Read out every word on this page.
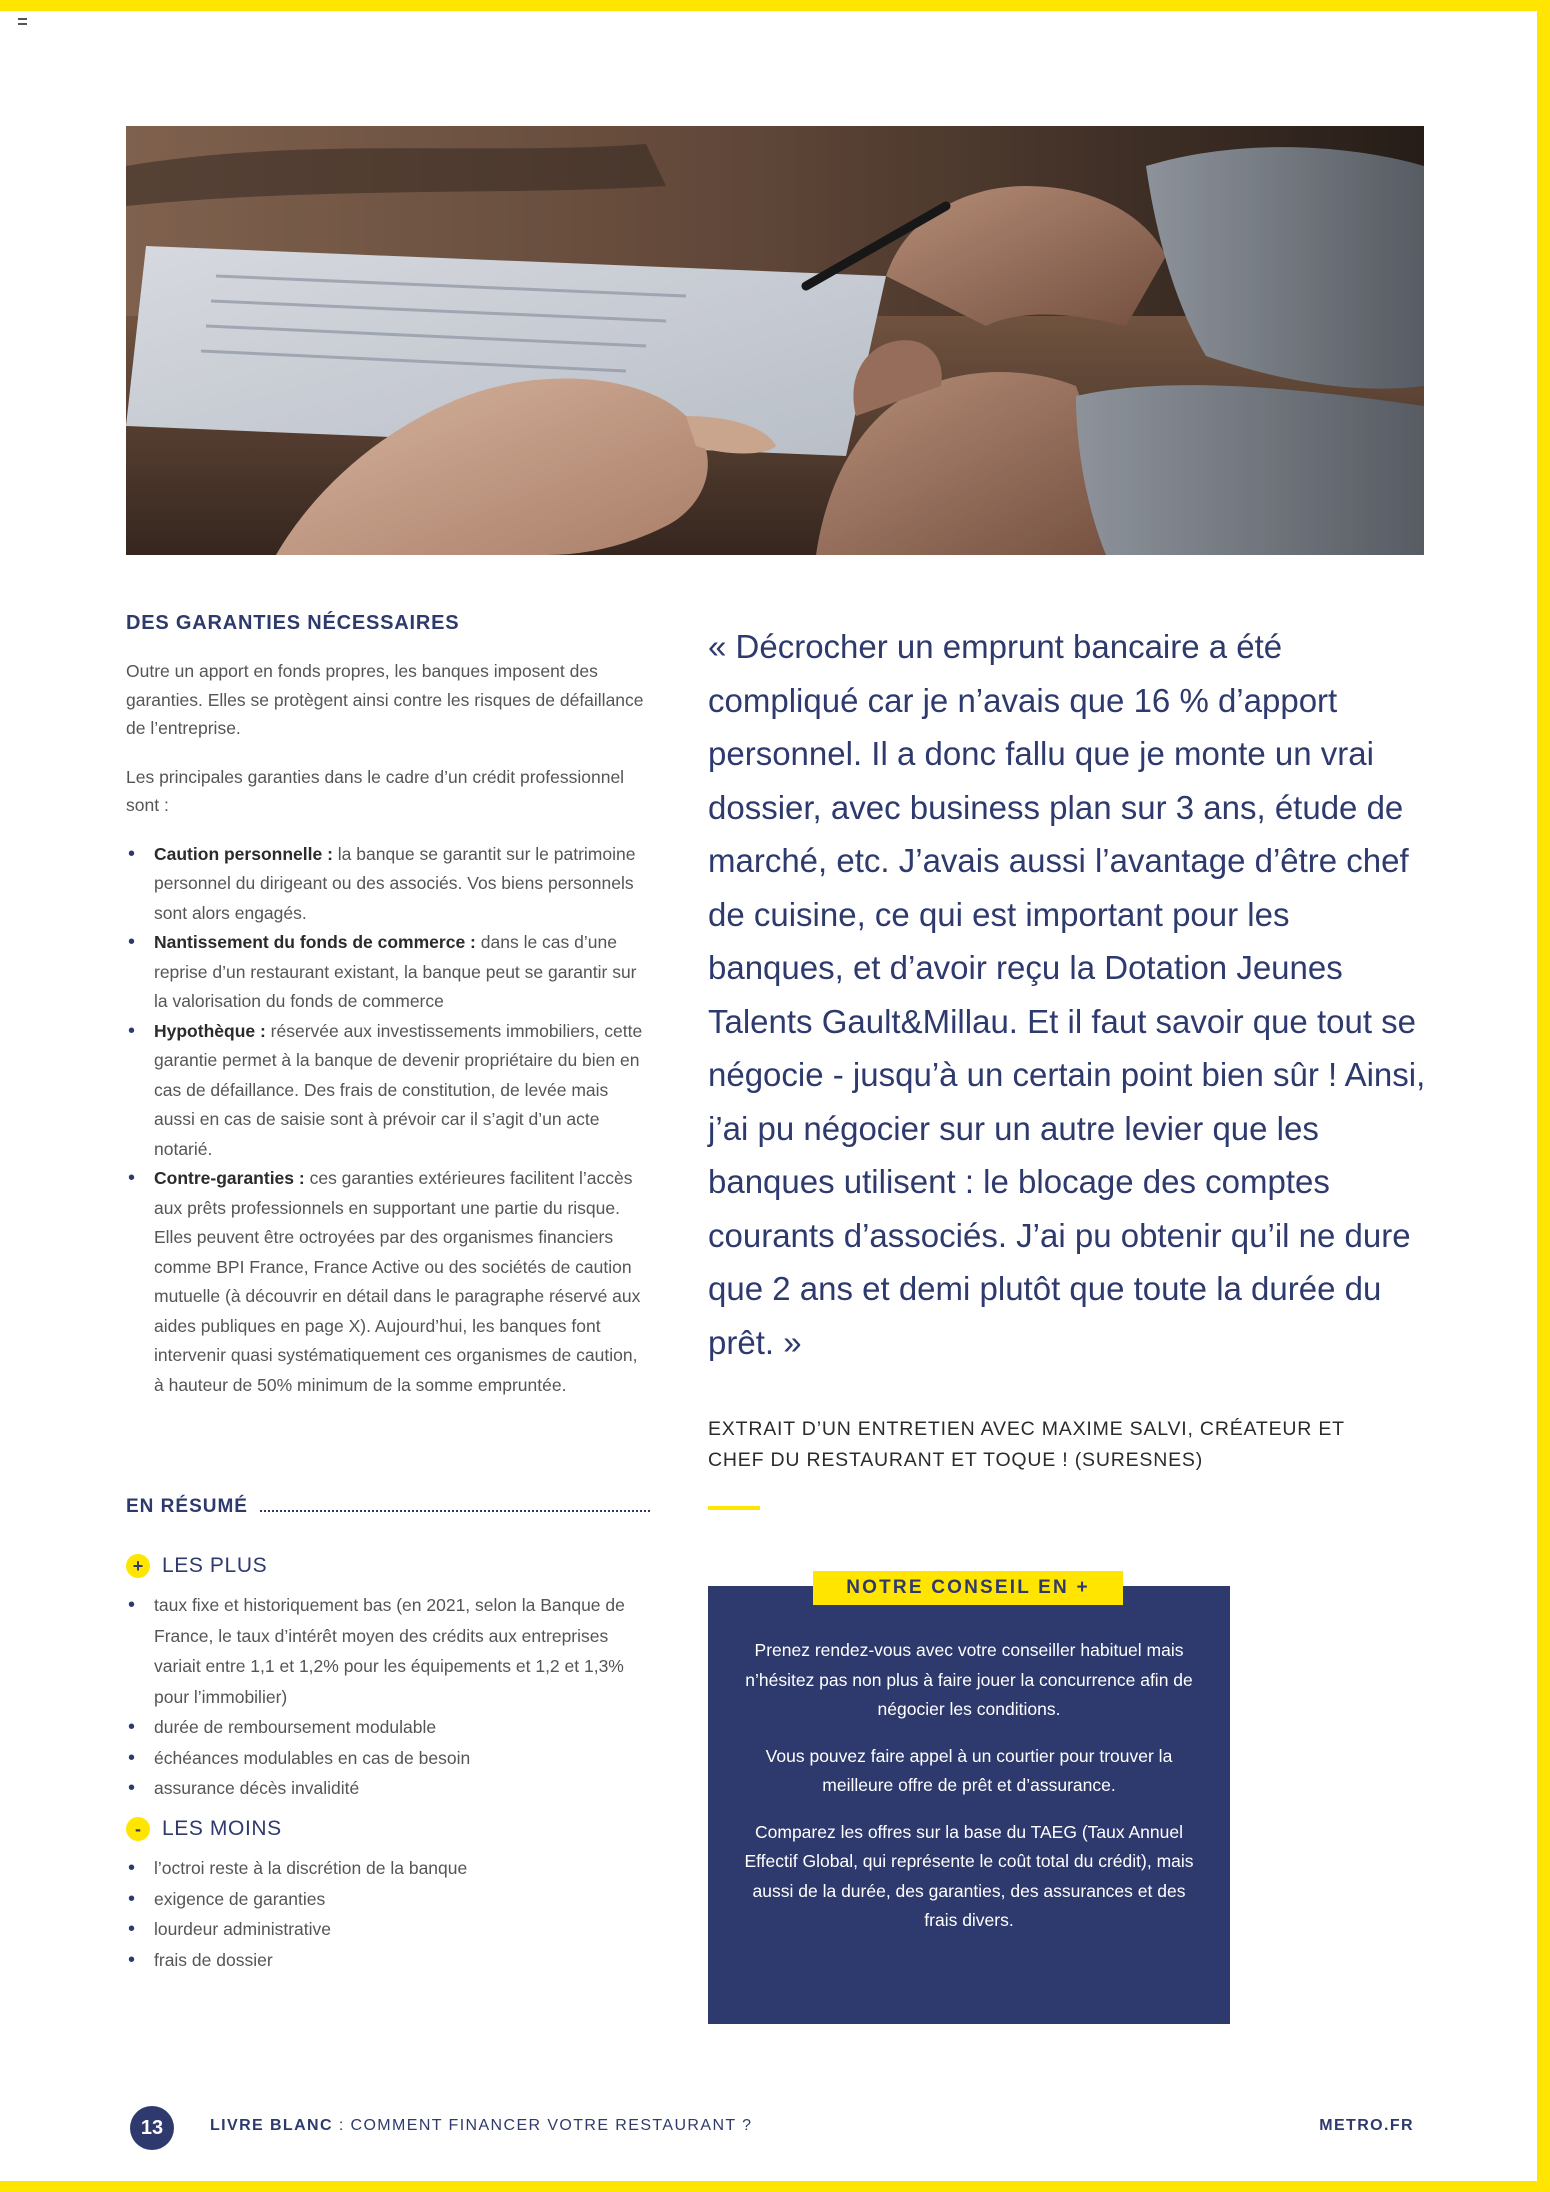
DES GARANTIES NÉCESSAIRES

Outre un apport en fonds propres, les banques imposent des garanties. Elles se protègent ainsi contre les risques de défaillance de l’entreprise.

Les principales garanties dans le cadre d’un crédit professionnel sont :

• Caution personnelle : la banque se garantit sur le patrimoine personnel du dirigeant ou des associés. Vos biens personnels sont alors engagés.
• Nantissement du fonds de commerce : dans le cas d’une reprise d’un restaurant existant, la banque peut se garantir sur la valorisation du fonds de commerce
• Hypothèque : réservée aux investissements immobiliers, cette garantie permet à la banque de devenir propriétaire du bien en cas de défaillance. Des frais de constitution, de levée mais aussi en cas de saisie sont à prévoir car il s’agit d’un acte notarié.
• Contre-garanties : ces garanties extérieures facilitent l’accès aux prêts professionnels en supportant une partie du risque. Elles peuvent être octroyées par des organismes financiers comme BPI France, France Active ou des sociétés de caution mutuelle (à découvrir en détail dans le paragraphe réservé aux aides publiques en page X). Aujourd’hui, les banques font intervenir quasi systématiquement ces organismes de caution, à hauteur de 50% minimum de la somme empruntée.
EN RÉSUMÉ
+ LES PLUS
• taux fixe et historiquement bas (en 2021, selon la Banque de France, le taux d’intérêt moyen des crédits aux entreprises variait entre 1,1 et 1,2% pour les équipements et 1,2 et 1,3% pour l’immobilier)
• durée de remboursement modulable
• échéances modulables en cas de besoin
• assurance décès invalidité
-	LES MOINS
• l’octroi reste à la discrétion de la banque
• exigence de garanties
• lourdeur administrative
• frais de dossier

« Décrocher un emprunt bancaire a été compliqué car je n’avais que 16 % d’apport personnel. Il a donc fallu que je monte un vrai dossier, avec business plan sur 3 ans, étude de marché, etc. J’avais aussi l’avantage d’être chef de cuisine, ce qui est important pour les banques, et d’avoir reçu la Dotation Jeunes Talents Gault&Millau. Et il faut savoir que tout se négocie - jusqu’à un certain point bien sûr ! Ainsi, j’ai pu négocier sur un autre levier que les banques utilisent : le blocage des comptes courants d’associés. J’ai pu obtenir qu’il ne dure que 2 ans et demi plutôt que toute la durée du prêt. »

EXTRAIT D’UN ENTRETIEN AVEC MAXIME SALVI, CRÉATEUR ET CHEF DU RESTAURANT ET TOQUE ! (SURESNES)

NOTRE CONSEIL EN +

Prenez rendez-vous avec votre conseiller habituel mais n’hésitez pas non plus à faire jouer la concurrence afin de négocier les conditions.

Vous pouvez faire appel à un courtier pour trouver la meilleure offre de prêt et d’assurance.

Comparez les offres sur la base du TAEG (Taux Annuel Effectif Global, qui représente le coût total du crédit), mais aussi de la durée, des garanties, des assurances et des frais divers.

13	LIVRE BLANC : COMMENT FINANCER VOTRE RESTAURANT ?	METRO.FR
